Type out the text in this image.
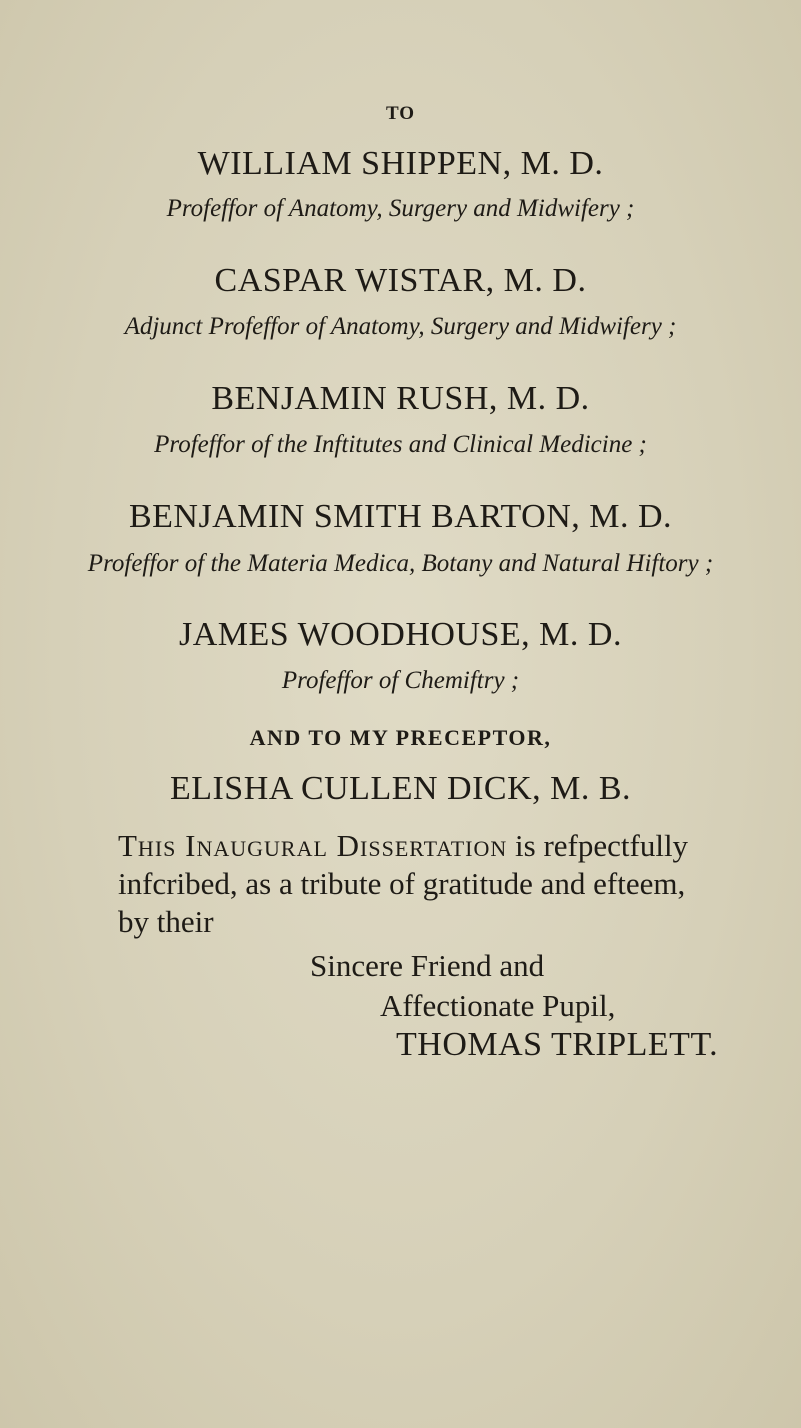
TO
WILLIAM SHIPPEN, M. D.
Profeffor of Anatomy, Surgery and Midwifery ;
CASPAR WISTAR, M. D.
Adjunct Profeffor of Anatomy, Surgery and Midwifery ;
BENJAMIN RUSH, M. D.
Profeffor of the Inftitutes and Clinical Medicine ;
BENJAMIN SMITH BARTON, M. D.
Profeffor of the Materia Medica, Botany and Natural Hiftory ;
JAMES WOODHOUSE, M. D.
Profeffor of Chemiftry ;
AND TO MY PRECEPTOR,
ELISHA CULLEN DICK, M. B.
This Inaugural Dissertation is refpectfully infcribed, as a tribute of gratitude and efteem, by their
Sincere Friend and
Affectionate Pupil,
THOMAS TRIPLETT.
